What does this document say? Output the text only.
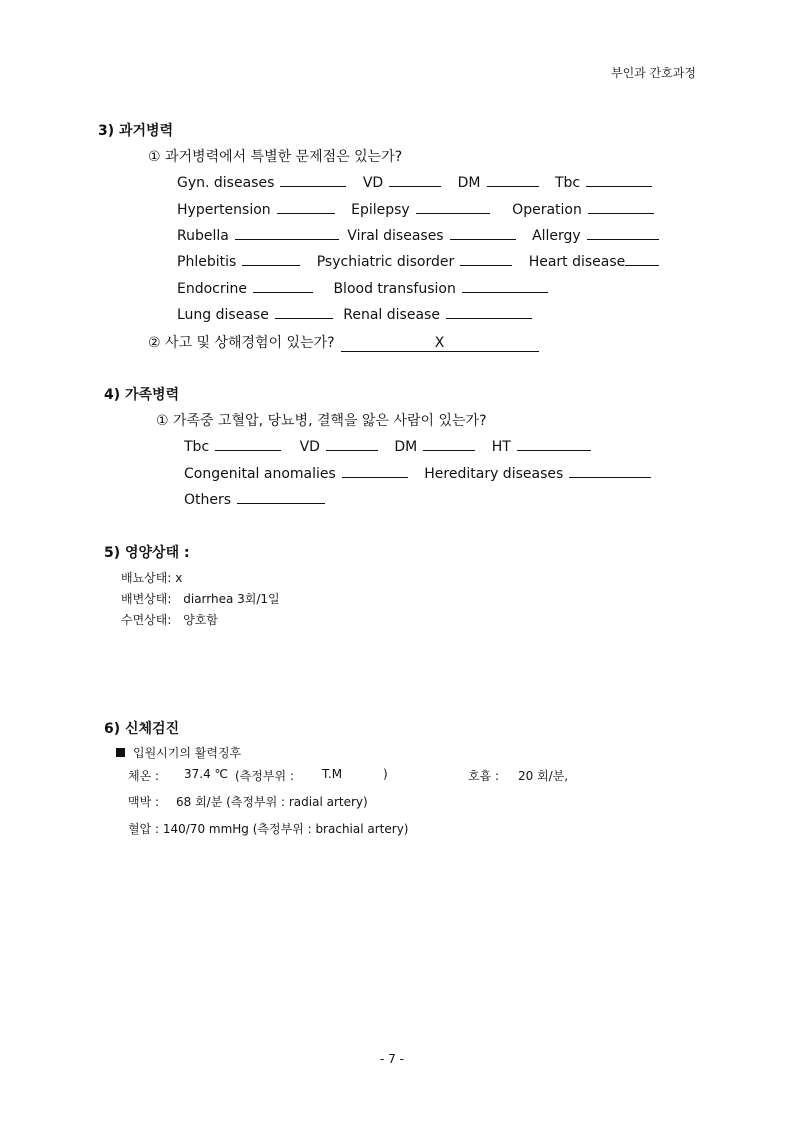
부인과 간호과정
3) 과거병력
① 과거병력에서 특별한 문제점은 있는가?
Gyn. diseases	VD	DM	Tbc
Hypertension	Epilepsy	Operation
Rubella	Viral diseases	Allergy
Phlebitis	Psychiatric disorder	Heart disease
Endocrine	Blood transfusion
Lung disease	Renal disease
② 사고 및 상해경험이 있는가?	X
4) 가족병력
① 가족중 고혈압, 당뇨병, 결핵을 앓은 사람이 있는가?
Tbc	VD	DM	HT
Congenital anomalies	Hereditary diseases
Others
5) 영양상태 :
배뇨상태: x
배변상태: diarrhea 3회/1일
수면상태: 양호함
6) 신체검진
입원시기의 활력징후
체온 : 37.4 ℃ (측정부위 : T.M	)	호흡 : 20 회/분,
맥박 : 68 회/분 (측정부위 : radial artery)
혈압 : 140/70 mmHg (측정부위 : brachial artery)
- 7 -
